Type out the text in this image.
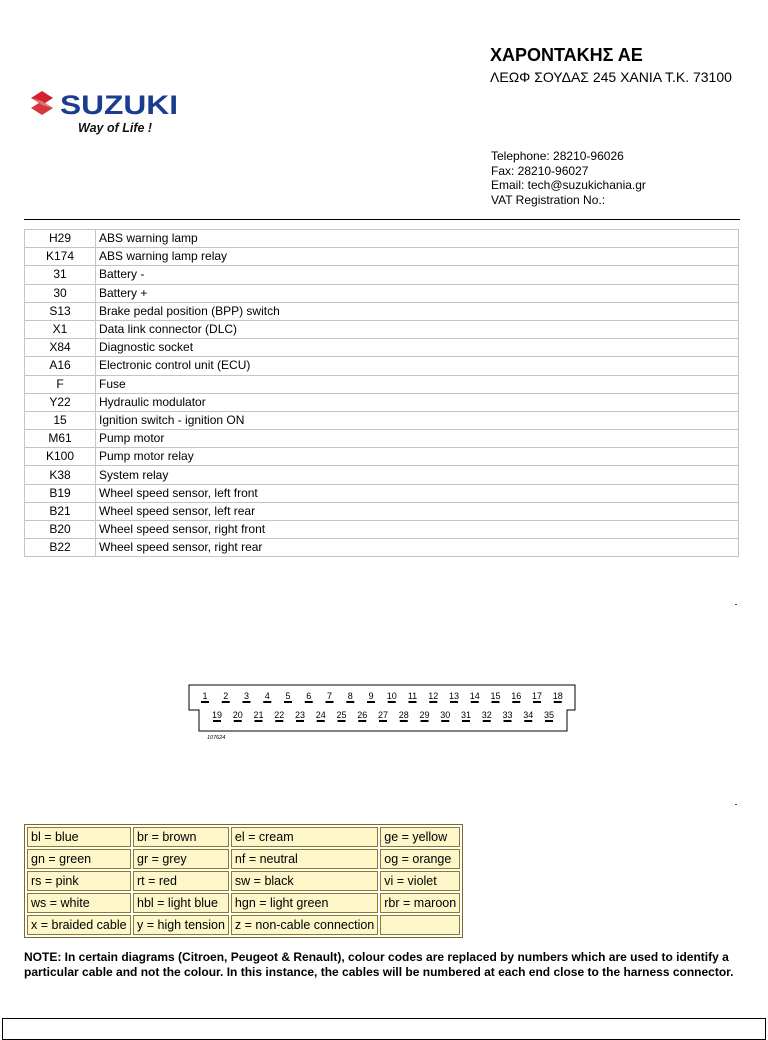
SUZUKI
Way of Life !
ΧΑΡΟΝΤΑΚΗΣ ΑΕ
ΛΕΩΦ ΣΟΥΔΑΣ 245 ΧΑΝΙΑ Τ.Κ. 73100
Telephone: 28210-96026
Fax: 28210-96027
Email: tech@suzukichania.gr
VAT Registration No.:
H29	ABS warning lamp
K174	ABS warning lamp relay
31	Battery -
30	Battery +
S13	Brake pedal position (BPP) switch
X1	Data link connector (DLC)
X84	Diagnostic socket
A16	Electronic control unit (ECU)
F	Fuse
Y22	Hydraulic modulator
15	Ignition switch - ignition ON
M61	Pump motor
K100	Pump motor relay
K38	System relay
B19	Wheel speed sensor, left front
B21	Wheel speed sensor, left rear
B20	Wheel speed sensor, right front
B22	Wheel speed sensor, right rear
107624
1 2 3 4 5 6 7 8 9 10 11 12 13 14 15 16 17 18
19 20 21 22 23 24 25 26 27 28 29 30 31 32 33 34 35
bl = blue	br = brown	el = cream	ge = yellow
gn = green	gr = grey	nf = neutral	og = orange
rs = pink	rt = red	sw = black	vi = violet
ws = white	hbl = light blue	hgn = light green	rbr = maroon
x = braided cable	y = high tension	z = non-cable connection	
NOTE: In certain diagrams (Citroen, Peugeot & Renault), colour codes are replaced by numbers which are used to identify a particular cable and not the colour. In this instance, the cables will be numbered at each end close to the harness connector.
